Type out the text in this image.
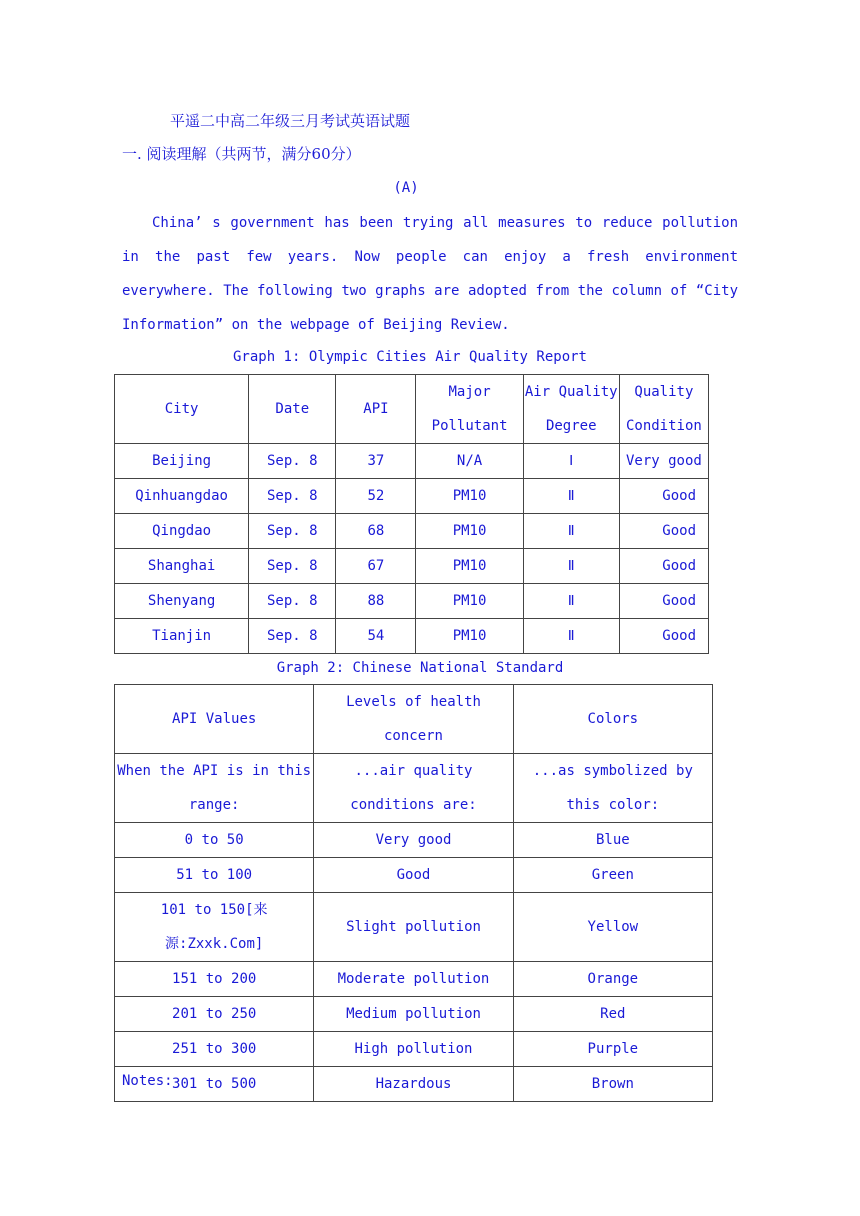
平遥二中高二年级三月考试英语试题
一. 阅读理解（共两节，满分60分）
(A)
China’ s government has been trying all measures to reduce pollution in the past few years. Now people can enjoy a fresh environment everywhere. The following two graphs are adopted from the column of “City Information” on the webpage of Beijing Review.
Graph 1: Olympic Cities Air Quality Report
City	Date	API	Major Pollutant	Air Quality Degree	Quality Condition
Beijing	Sep. 8	37	N/A	Ⅰ	Very good
Qinhuangdao	Sep. 8	52	PM10	Ⅱ	Good
Qingdao	Sep. 8	68	PM10	Ⅱ	Good
Shanghai	Sep. 8	67	PM10	Ⅱ	Good
Shenyang	Sep. 8	88	PM10	Ⅱ	Good
Tianjin	Sep. 8	54	PM10	Ⅱ	Good
Graph 2: Chinese National Standard
API Values	Levels of health concern	Colors
When the API is in this range:	...air quality conditions are:	...as symbolized by this color:
0 to 50	Very good	Blue
51 to 100	Good	Green
101 to 150[来源:Zxxk.Com]	Slight pollution	Yellow
151 to 200	Moderate pollution	Orange
201 to 250	Medium pollution	Red
251 to 300	High pollution	Purple
301 to 500	Hazardous	Brown
Notes:
